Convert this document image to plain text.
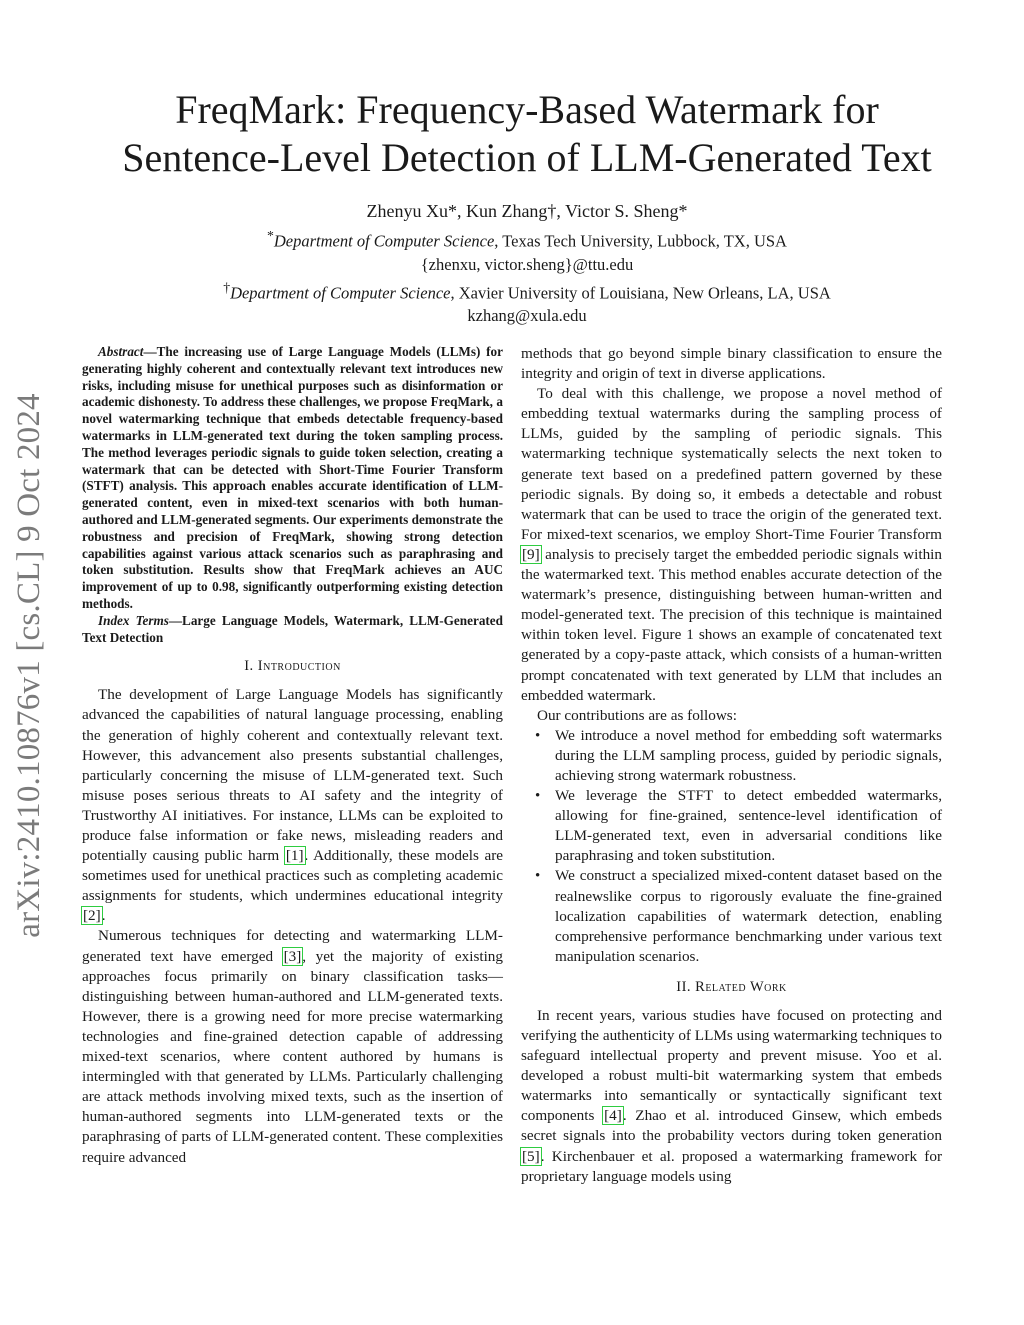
arXiv:2410.10876v1 [cs.CL] 9 Oct 2024
FreqMark: Frequency-Based Watermark for
Sentence-Level Detection of LLM-Generated Text
Zhenyu Xu*, Kun Zhang†, Victor S. Sheng*
*Department of Computer Science, Texas Tech University, Lubbock, TX, USA
{zhenxu, victor.sheng}@ttu.edu
†Department of Computer Science, Xavier University of Louisiana, New Orleans, LA, USA
kzhang@xula.edu

Abstract—The increasing use of Large Language Models (LLMs) for generating highly coherent and contextually relevant text introduces new risks, including misuse for unethical purposes such as disinformation or academic dishonesty. To address these challenges, we propose FreqMark, a novel watermarking technique that embeds detectable frequency-based watermarks in LLM-generated text during the token sampling process. The method leverages periodic signals to guide token selection, creating a watermark that can be detected with Short-Time Fourier Transform (STFT) analysis. This approach enables accurate identification of LLM-generated content, even in mixed-text scenarios with both human-authored and LLM-generated segments. Our experiments demonstrate the robustness and precision of FreqMark, showing strong detection capabilities against various attack scenarios such as paraphrasing and token substitution. Results show that FreqMark achieves an AUC improvement of up to 0.98, significantly outperforming existing detection methods.

Index Terms—Large Language Models, Watermark, LLM-Generated Text Detection

I. Introduction

The development of Large Language Models has significantly advanced the capabilities of natural language processing, enabling the generation of highly coherent and contextually relevant text. However, this advancement also presents substantial challenges, particularly concerning the misuse of LLM-generated text. Such misuse poses serious threats to AI safety and the integrity of Trustworthy AI initiatives. For instance, LLMs can be exploited to produce false information or fake news, misleading readers and potentially causing public harm [1]. Additionally, these models are sometimes used for unethical practices such as completing academic assignments for students, which undermines educational integrity [2].

Numerous techniques for detecting and watermarking LLM-generated text have emerged [3], yet the majority of existing approaches focus primarily on binary classification tasks—distinguishing between human-authored and LLM-generated texts. However, there is a growing need for more precise watermarking technologies and fine-grained detection capable of addressing mixed-text scenarios, where content authored by humans is intermingled with that generated by LLMs. Particularly challenging are attack methods involving mixed texts, such as the insertion of human-authored segments into LLM-generated texts or the paraphrasing of parts of LLM-generated content. These complexities require advanced

methods that go beyond simple binary classification to ensure the integrity and origin of text in diverse applications.

To deal with this challenge, we propose a novel method of embedding textual watermarks during the sampling process of LLMs, guided by the sampling of periodic signals. This watermarking technique systematically selects the next token to generate text based on a predefined pattern governed by these periodic signals. By doing so, it embeds a detectable and robust watermark that can be used to trace the origin of the generated text. For mixed-text scenarios, we employ Short-Time Fourier Transform [9] analysis to precisely target the embedded periodic signals within the watermarked text. This method enables accurate detection of the watermark’s presence, distinguishing between human-written and model-generated text. The precision of this technique is maintained within token level. Figure 1 shows an example of concatenated text generated by a copy-paste attack, which consists of a human-written prompt concatenated with text generated by LLM that includes an embedded watermark.

Our contributions are as follows:

• We introduce a novel method for embedding soft watermarks during the LLM sampling process, guided by periodic signals, achieving strong watermark robustness.
• We leverage the STFT to detect embedded watermarks, allowing for fine-grained, sentence-level identification of LLM-generated text, even in adversarial conditions like paraphrasing and token substitution.
• We construct a specialized mixed-content dataset based on the realnewslike corpus to rigorously evaluate the fine-grained localization capabilities of watermark detection, enabling comprehensive performance benchmarking under various text manipulation scenarios.
II. Related Work

In recent years, various studies have focused on protecting and verifying the authenticity of LLMs using watermarking techniques to safeguard intellectual property and prevent misuse. Yoo et al. developed a robust multi-bit watermarking system that embeds watermarks into semantically or syntactically significant text components [4]. Zhao et al. introduced Ginsew, which embeds secret signals into the probability vectors during token generation [5]. Kirchenbauer et al. proposed a watermarking framework for proprietary language models using
